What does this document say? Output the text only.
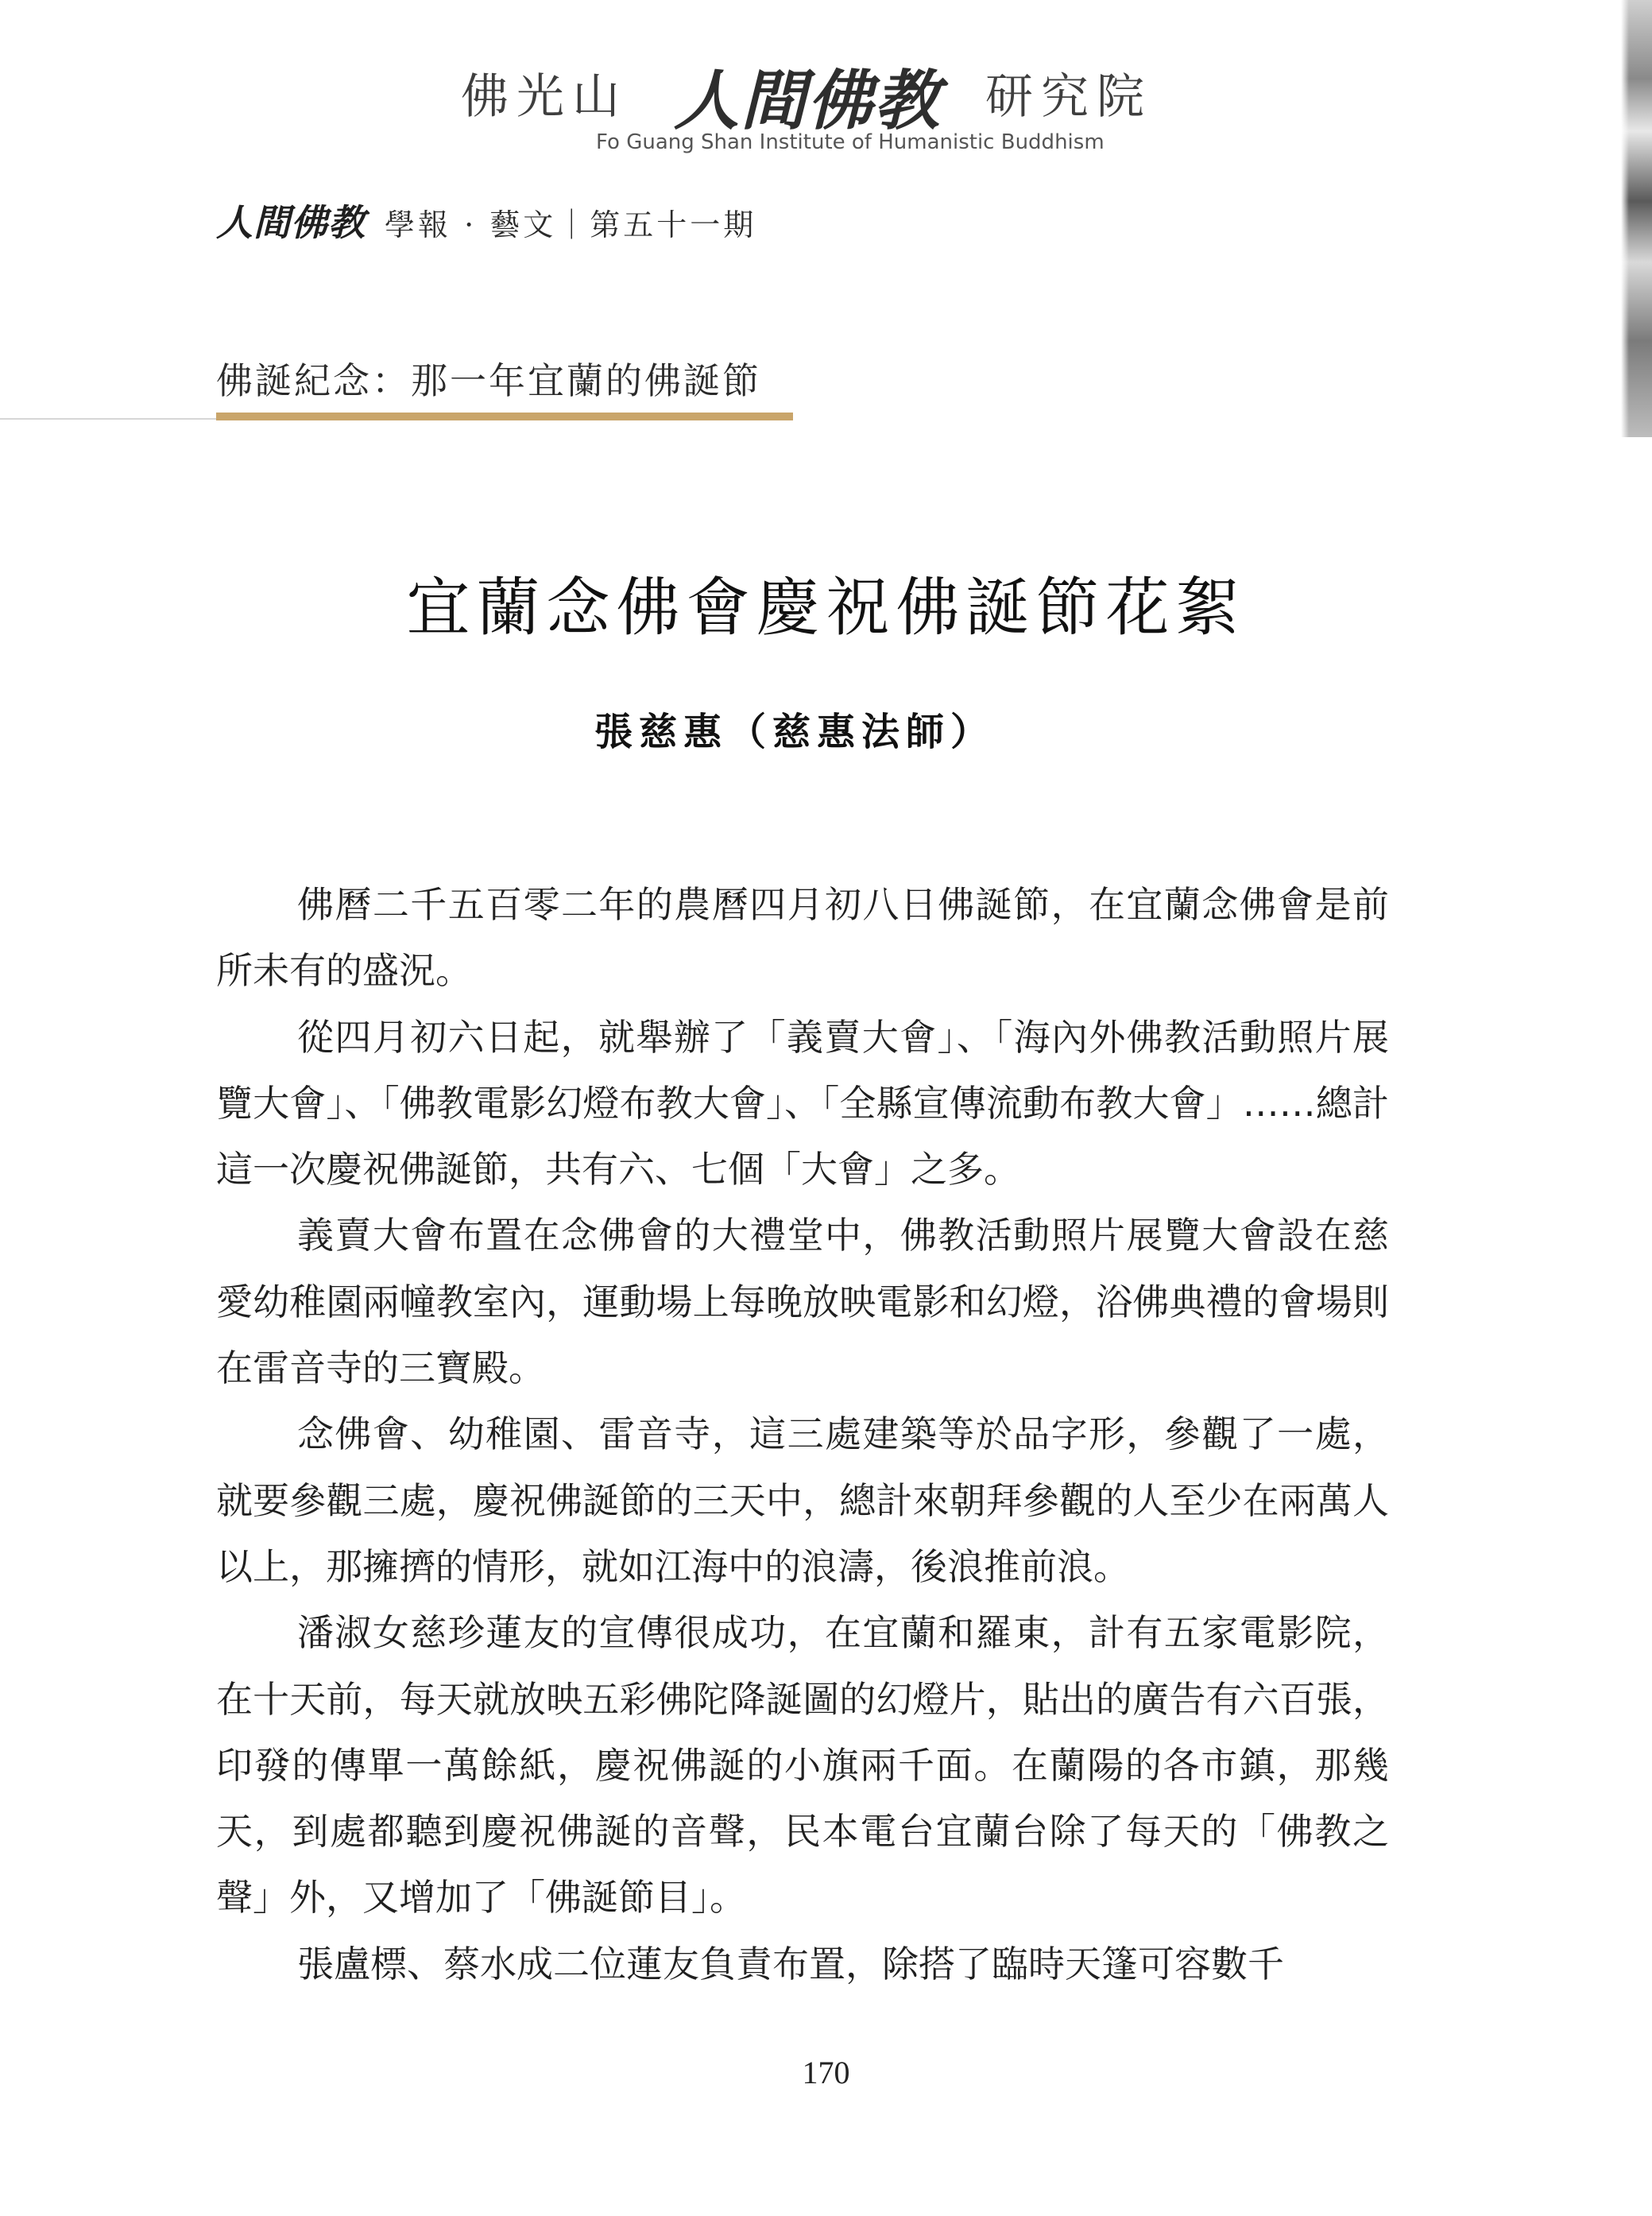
佛光山 人間佛教 研究院
Fo Guang Shan Institute of Humanistic Buddhism
人間佛教 學報 · 藝文｜第五十一期
佛誕紀念：那一年宜蘭的佛誕節
宜蘭念佛會慶祝佛誕節花絮
張慈惠（慈惠法師）

佛曆二千五百零二年的農曆四月初八日佛誕節，在宜蘭念佛會是前所未有的盛況。

從四月初六日起，就舉辦了「義賣大會」、「海內外佛教活動照片展覽大會」、「佛教電影幻燈布教大會」、「全縣宣傳流動布教大會」……總計這一次慶祝佛誕節，共有六、七個「大會」之多。

義賣大會布置在念佛會的大禮堂中，佛教活動照片展覽大會設在慈愛幼稚園兩幢教室內，運動場上每晚放映電影和幻燈，浴佛典禮的會場則在雷音寺的三寶殿。

念佛會、幼稚園、雷音寺，這三處建築等於品字形，參觀了一處，就要參觀三處，慶祝佛誕節的三天中，總計來朝拜參觀的人至少在兩萬人以上，那擁擠的情形，就如江海中的浪濤，後浪推前浪。

潘淑女慈珍蓮友的宣傳很成功，在宜蘭和羅東，計有五家電影院，在十天前，每天就放映五彩佛陀降誕圖的幻燈片，貼出的廣告有六百張，印發的傳單一萬餘紙，慶祝佛誕的小旗兩千面。在蘭陽的各市鎮，那幾天，到處都聽到慶祝佛誕的音聲，民本電台宜蘭台除了每天的「佛教之聲」外，又增加了「佛誕節目」。

張盧標、蔡水成二位蓮友負責布置，除搭了臨時天篷可容數千

170
